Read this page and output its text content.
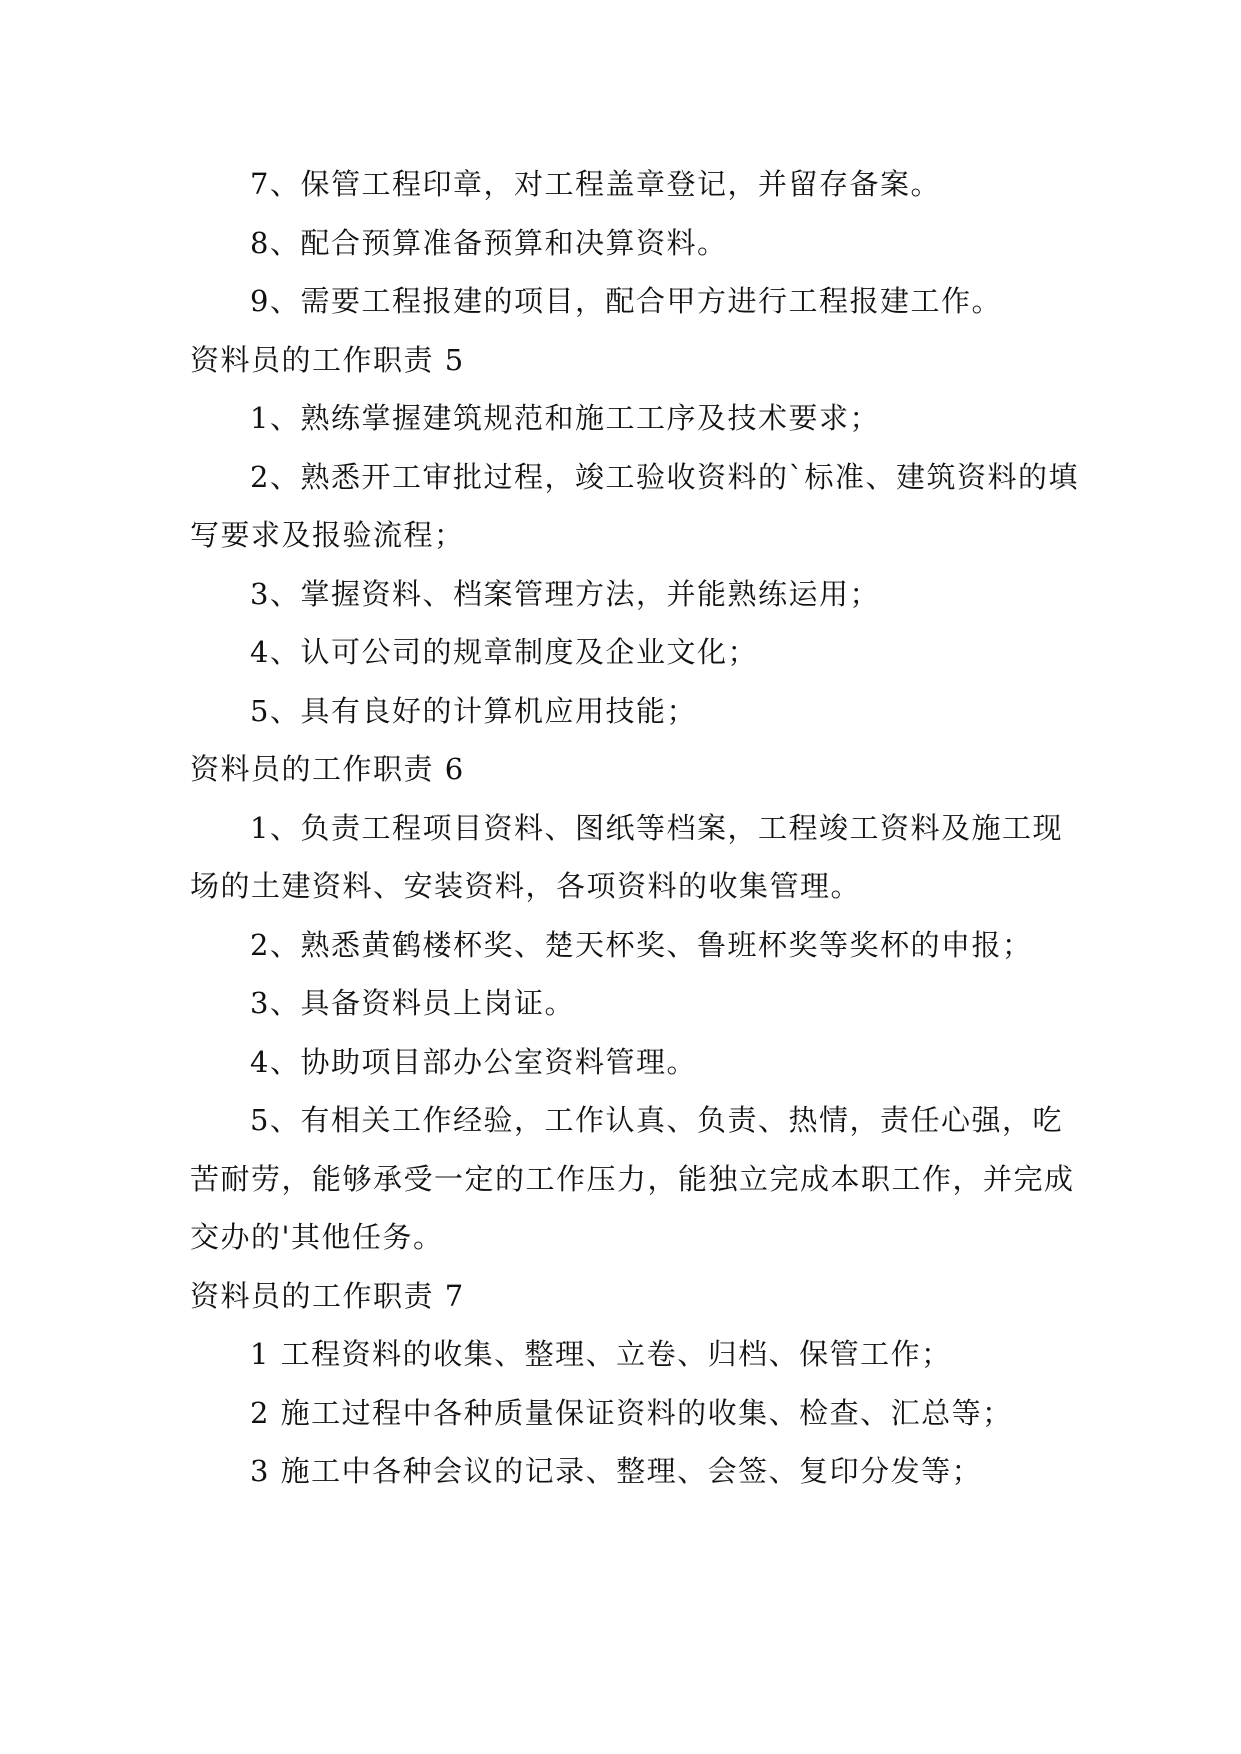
7、保管工程印章，对工程盖章登记，并留存备案。

8、配合预算准备预算和决算资料。

9、需要工程报建的项目，配合甲方进行工程报建工作。

资料员的工作职责 5

1、熟练掌握建筑规范和施工工序及技术要求；

2、熟悉开工审批过程，竣工验收资料的`标准、建筑资料的填写要求及报验流程；

3、掌握资料、档案管理方法，并能熟练运用；

4、认可公司的规章制度及企业文化；

5、具有良好的计算机应用技能；

资料员的工作职责 6

1、负责工程项目资料、图纸等档案，工程竣工资料及施工现场的土建资料、安装资料，各项资料的收集管理。

2、熟悉黄鹤楼杯奖、楚天杯奖、鲁班杯奖等奖杯的申报；

3、具备资料员上岗证。

4、协助项目部办公室资料管理。

5、有相关工作经验，工作认真、负责、热情，责任心强，吃苦耐劳，能够承受一定的工作压力，能独立完成本职工作，并完成交办的'其他任务。

资料员的工作职责 7

1 工程资料的收集、整理、立卷、归档、保管工作；

2 施工过程中各种质量保证资料的收集、检查、汇总等；

3 施工中各种会议的记录、整理、会签、复印分发等；
